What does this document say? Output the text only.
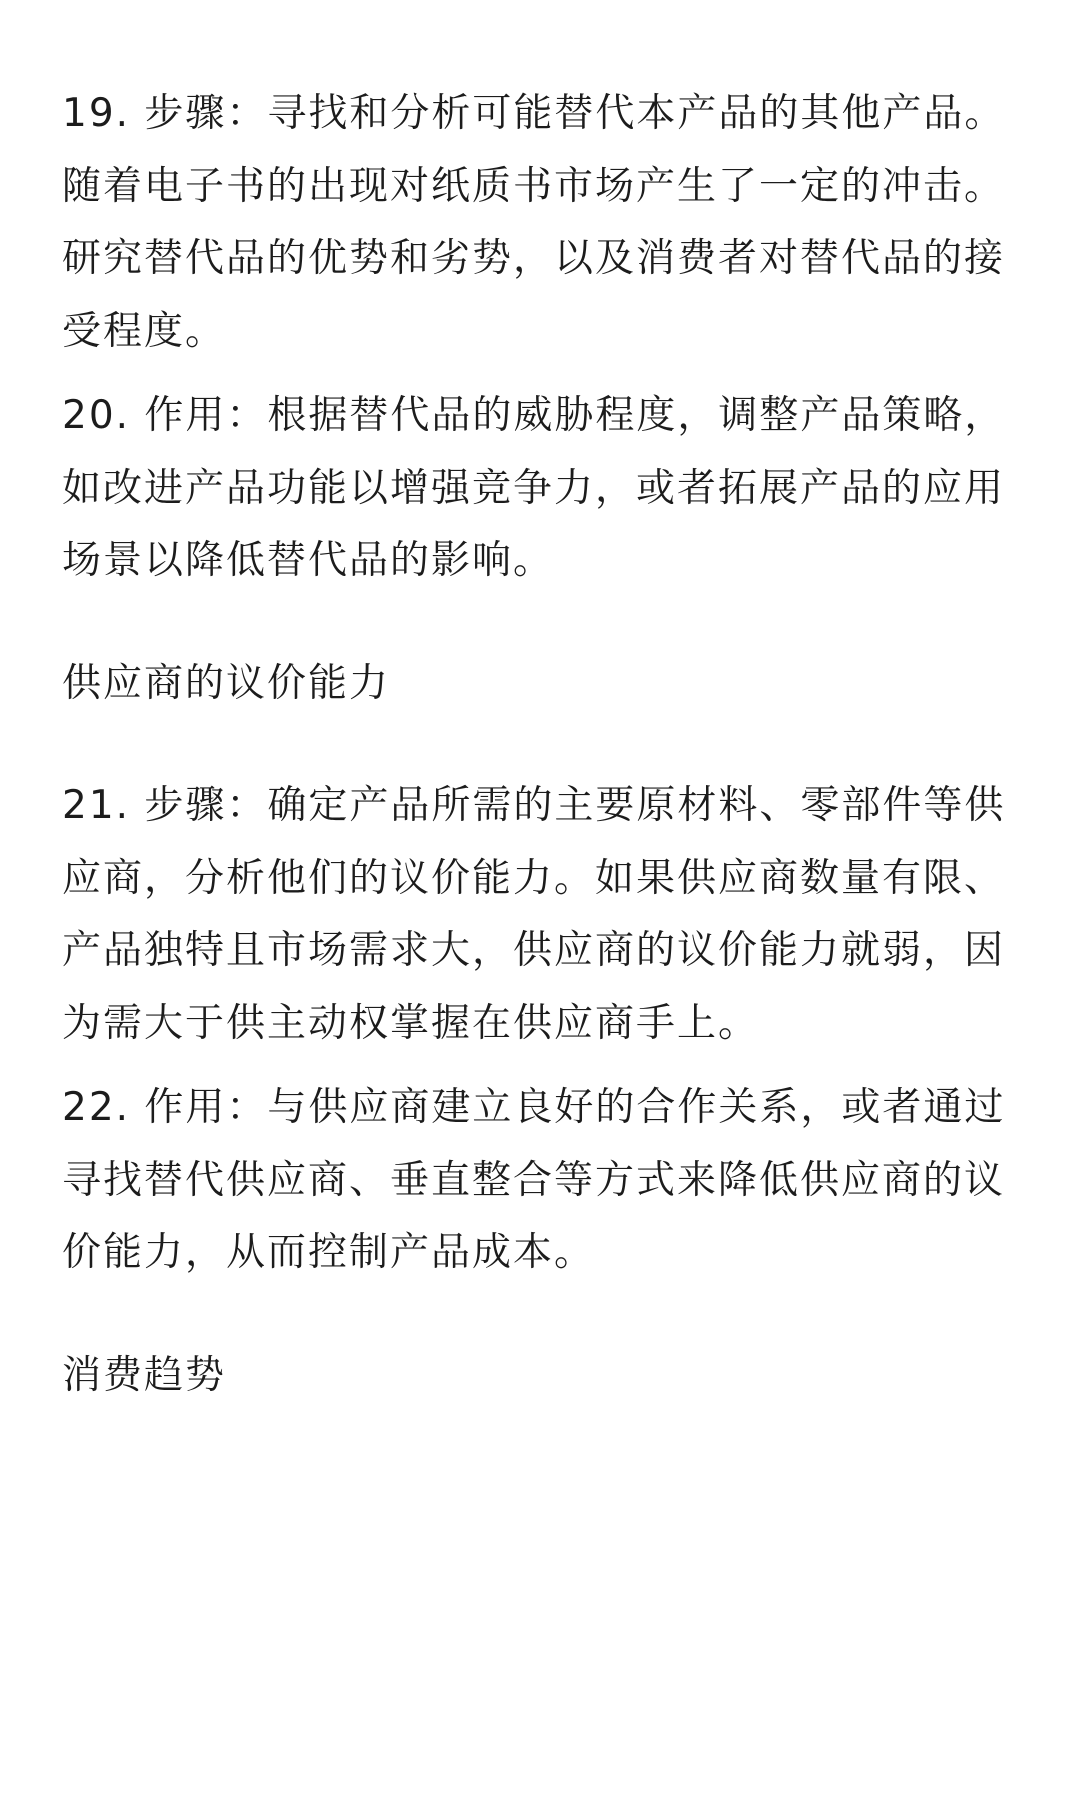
19. 步骤：寻找和分析可能替代本产品的其他产品。随着电子书的出现对纸质书市场产生了一定的冲击。研究替代品的优势和劣势，以及消费者对替代品的接受程度。

20. 作用：根据替代品的威胁程度，调整产品策略，如改进产品功能以增强竞争力，或者拓展产品的应用场景以降低替代品的影响。

供应商的议价能力

21. 步骤：确定产品所需的主要原材料、零部件等供应商，分析他们的议价能力。如果供应商数量有限、产品独特且市场需求大，供应商的议价能力就弱，因为需大于供主动权掌握在供应商手上。

22. 作用：与供应商建立良好的合作关系，或者通过寻找替代供应商、垂直整合等方式来降低供应商的议价能力，从而控制产品成本。

消费趋势
